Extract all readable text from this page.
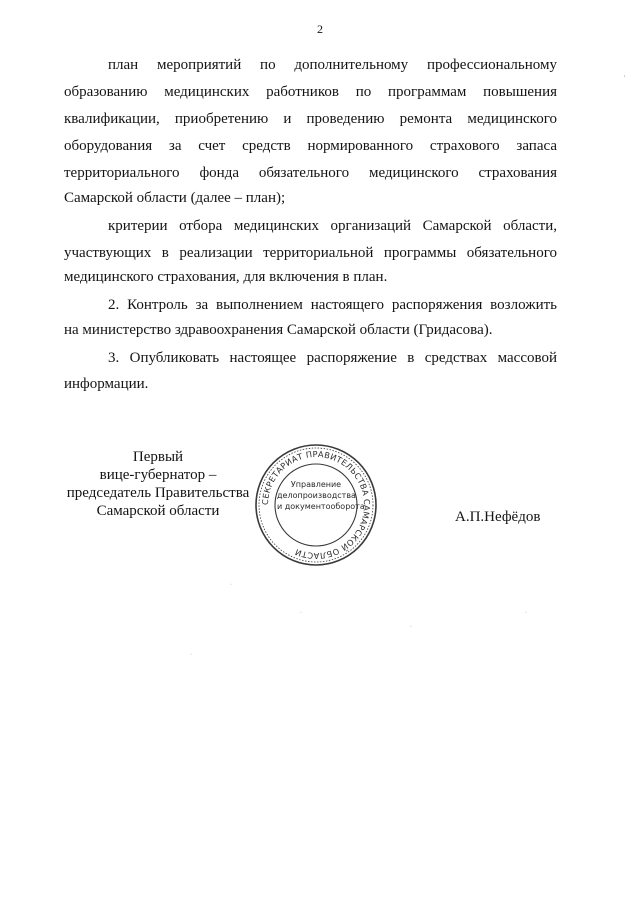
2
план мероприятий по дополнительному профессиональному
образованию медицинских работников по программам повышения
квалификации, приобретению и проведению ремонта медицинского
оборудования за счет средств нормированного страхового запаса
территориального фонда обязательного медицинского страхования
Самарской области (далее – план);
критерии отбора медицинских организаций Самарской области,
участвующих в реализации территориальной программы обязательного
медицинского страхования, для включения в план.
2. Контроль за выполнением настоящего распоряжения возложить
на министерство здравоохранения Самарской области (Гридасова).
3. Опубликовать настоящее распоряжение в средствах массовой
информации.
Первый
вице-губернатор –
председатель Правительства
Самарской области
СЕКРЕТАРИАТ ПРАВИТЕЛЬСТВА САМАРСКОЙ ОБЛАСТИ
Управление
делопроизводства
и документооборота
А.П.Нефёдов
,
·
·
·
·
·
